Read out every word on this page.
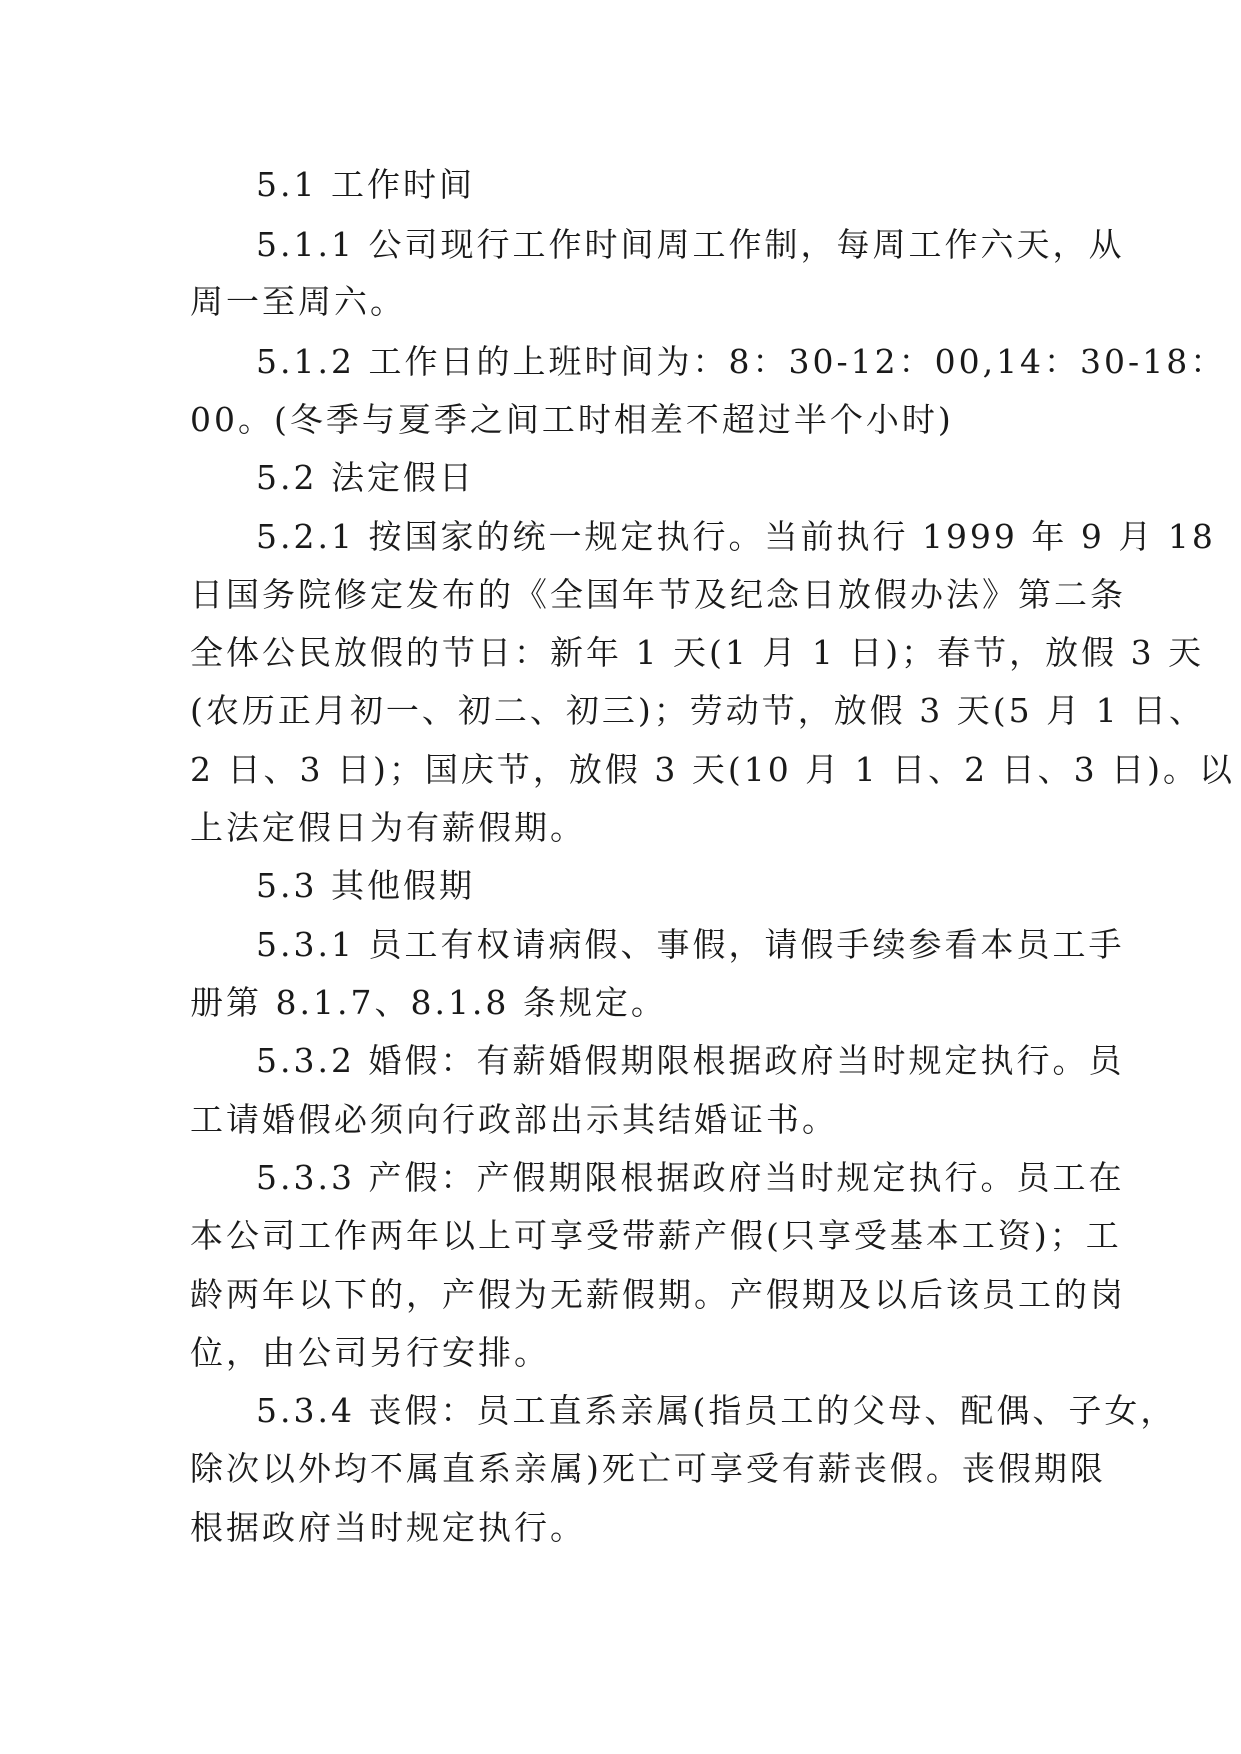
5.1 工作时间
5.1.1 公司现行工作时间周工作制，每周工作六天，从
周一至周六。
5.1.2 工作日的上班时间为：8：30-12：00,14：30-18：
00。(冬季与夏季之间工时相差不超过半个小时)
5.2 法定假日
5.2.1 按国家的统一规定执行。当前执行 1999 年 9 月 18
日国务院修定发布的《全国年节及纪念日放假办法》第二条
全体公民放假的节日：新年 1 天(1 月 1 日)；春节，放假 3 天
(农历正月初一、初二、初三)；劳动节，放假 3 天(5 月 1 日、
2 日、3 日)；国庆节，放假 3 天(10 月 1 日、2 日、3 日)。以
上法定假日为有薪假期。
5.3 其他假期
5.3.1 员工有权请病假、事假，请假手续参看本员工手
册第 8.1.7、8.1.8 条规定。
5.3.2 婚假：有薪婚假期限根据政府当时规定执行。员
工请婚假必须向行政部出示其结婚证书。
5.3.3 产假：产假期限根据政府当时规定执行。员工在
本公司工作两年以上可享受带薪产假(只享受基本工资)；工
龄两年以下的，产假为无薪假期。产假期及以后该员工的岗
位，由公司另行安排。
5.3.4 丧假：员工直系亲属(指员工的父母、配偶、子女，
除次以外均不属直系亲属)死亡可享受有薪丧假。丧假期限
根据政府当时规定执行。
